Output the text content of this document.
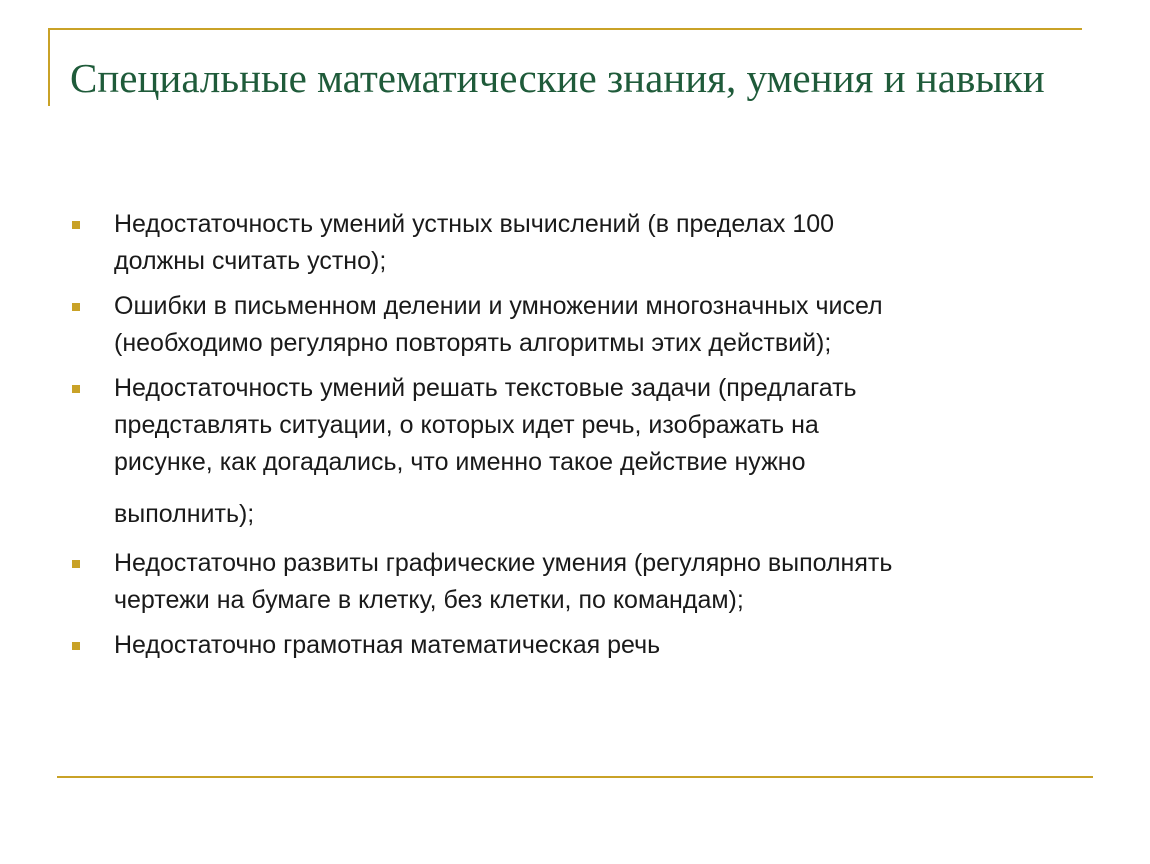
Специальные математические знания, умения и навыки
Недостаточность умений устных вычислений (в пределах 100
должны считать устно);
Ошибки в письменном делении и умножении многозначных чисел
(необходимо регулярно повторять алгоритмы этих действий);
Недостаточность умений решать текстовые задачи (предлагать
представлять ситуации, о которых идет речь, изображать на
рисунке, как догадались, что именно такое действие нужно
выполнить);
Недостаточно развиты графические умения (регулярно выполнять
чертежи на бумаге в клетку, без клетки, по командам);
Недостаточно грамотная математическая речь
